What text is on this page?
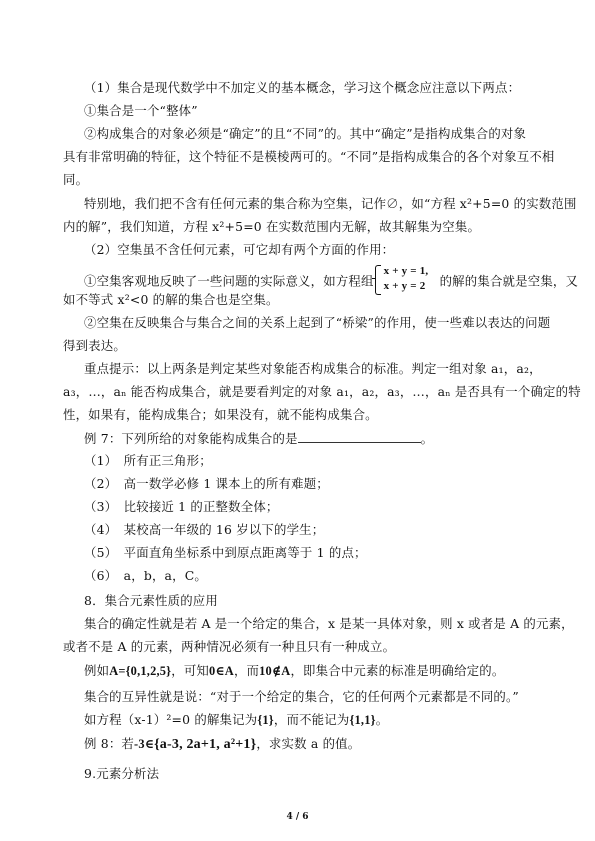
（1）集合是现代数学中不加定义的基本概念，学习这个概念应注意以下两点：
①集合是一个“整体”
②构成集合的对象必须是“确定”的且“不同”的。其中“确定”是指构成集合的对象
具有非常明确的特征，这个特征不是模棱两可的。“不同”是指构成集合的各个对象互不相
同。
特别地，我们把不含有任何元素的集合称为空集，记作∅，如“方程 x²+5=0 的实数范围
内的解”，我们知道，方程 x²+5=0 在实数范围内无解，故其解集为空集。
（2）空集虽不含任何元素，可它却有两个方面的作用：
①空集客观地反映了一些问题的实际意义，如方程组
x + y = 1,
x + y = 2 的解的集合就是空集，又
如不等式 x²<0 的解的集合也是空集。
②空集在反映集合与集合之间的关系上起到了“桥梁”的作用，使一些难以表达的问题
得到表达。
重点提示：以上两条是判定某些对象能否构成集合的标准。判定一组对象 a₁，a₂，
a₃，…，aₙ 能否构成集合，就是要看判定的对象 a₁，a₂，a₃，…，aₙ 是否具有一个确定的特
性，如果有，能构成集合；如果没有，就不能构成集合。
例 7：下列所给的对象能构成集合的是	。
（1）　所有正三角形；
（2）　高一数学必修 1 课本上的所有难题；
（3）　比较接近 1 的正整数全体；
（4）　某校高一年级的 16 岁以下的学生；
（5）　平面直角坐标系中到原点距离等于 1 的点；
（6）　a，b，a，C。
8．集合元素性质的应用
集合的确定性就是若 A 是一个给定的集合，x 是某一具体对象，则 x 或者是 A 的元素，
或者不是 A 的元素，两种情况必须有一种且只有一种成立。
例如A={0,1,2,5}，可知0∈A，而10∉A，即集合中元素的标准是明确给定的。
集合的互异性就是说：“对于一个给定的集合，它的任何两个元素都是不同的。”
如方程（x-1）²=0 的解集记为{1}，而不能记为{1,1}。
例 8：若-3∈{a-3, 2a+1, a²+1}，求实数 a 的值。
9.元素分析法
4 / 6
